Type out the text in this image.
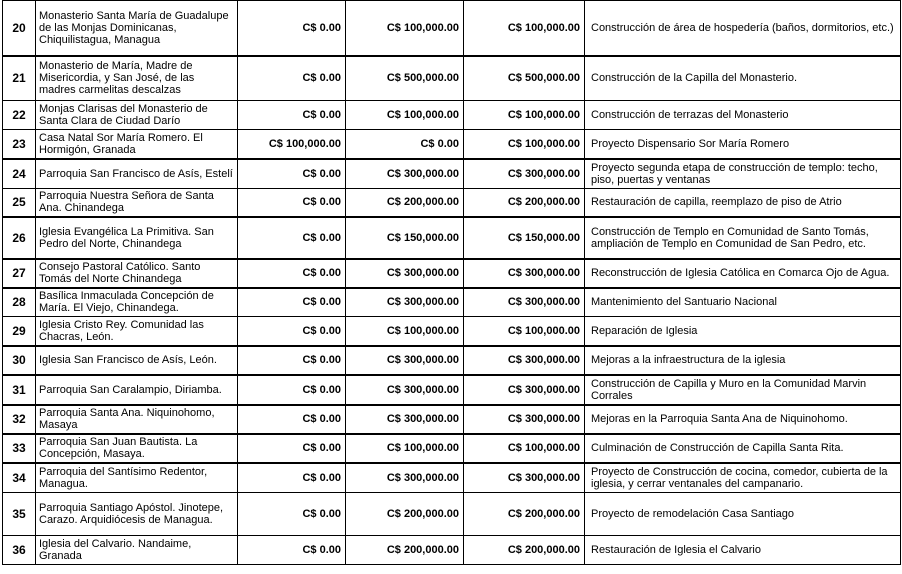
20	Monasterio Santa María de Guadalupe de las Monjas Dominicanas, Chiquilistagua, Managua	C$ 0.00	C$ 100,000.00	C$ 100,000.00	Construcción de área de hospedería (baños, dormitorios, etc.)
21	Monasterio de María, Madre de Misericordia, y San José, de las madres carmelitas descalzas	C$ 0.00	C$ 500,000.00	C$ 500,000.00	Construcción de la Capilla del Monasterio.
22	Monjas Clarisas del Monasterio de Santa Clara de Ciudad Darío	C$ 0.00	C$ 100,000.00	C$ 100,000.00	Construcción de terrazas del Monasterio
23	Casa Natal Sor María Romero. El Hormigón, Granada	C$ 100,000.00	C$ 0.00	C$ 100,000.00	Proyecto Dispensario Sor María Romero
24	Parroquia San Francisco de Asís, Estelí	C$ 0.00	C$ 300,000.00	C$ 300,000.00	Proyecto segunda etapa de construcción de templo: techo, piso, puertas y ventanas
25	Parroquia Nuestra Señora de Santa Ana. Chinandega	C$ 0.00	C$ 200,000.00	C$ 200,000.00	Restauración de capilla, reemplazo de piso de Atrio
26	Iglesia Evangélica La Primitiva. San Pedro del Norte, Chinandega	C$ 0.00	C$ 150,000.00	C$ 150,000.00	Construcción de Templo en Comunidad de Santo Tomás, ampliación de Templo en Comunidad de San Pedro, etc.
27	Consejo Pastoral Católico. Santo Tomás del Norte Chinandega	C$ 0.00	C$ 300,000.00	C$ 300,000.00	Reconstrucción de Iglesia Católica en Comarca Ojo de Agua.
28	Basílica Inmaculada Concepción de María. El Viejo, Chinandega.	C$ 0.00	C$ 300,000.00	C$ 300,000.00	Mantenimiento del Santuario Nacional
29	Iglesia Cristo Rey. Comunidad las Chacras, León.	C$ 0.00	C$ 100,000.00	C$ 100,000.00	Reparación de Iglesia
30	Iglesia San Francisco de Asís, León.	C$ 0.00	C$ 300,000.00	C$ 300,000.00	Mejoras a la infraestructura de la iglesia
31	Parroquia San Caralampio, Diriamba.	C$ 0.00	C$ 300,000.00	C$ 300,000.00	Construcción de Capilla y Muro en la Comunidad Marvin Corrales
32	Parroquia Santa Ana. Niquinohomo, Masaya	C$ 0.00	C$ 300,000.00	C$ 300,000.00	Mejoras en la Parroquia Santa Ana de Niquinohomo.
33	Parroquia San Juan Bautista. La Concepción, Masaya.	C$ 0.00	C$ 100,000.00	C$ 100,000.00	Culminación de Construcción de Capilla Santa Rita.
34	Parroquia del Santísimo Redentor, Managua.	C$ 0.00	C$ 300,000.00	C$ 300,000.00	Proyecto de Construcción de cocina, comedor, cubierta de la iglesia, y cerrar ventanales del campanario.
35	Parroquia Santiago Apóstol. Jinotepe, Carazo. Arquidiócesis de Managua.	C$ 0.00	C$ 200,000.00	C$ 200,000.00	Proyecto de remodelación Casa Santiago
36	Iglesia del Calvario. Nandaime, Granada	C$ 0.00	C$ 200,000.00	C$ 200,000.00	Restauración de Iglesia el Calvario
